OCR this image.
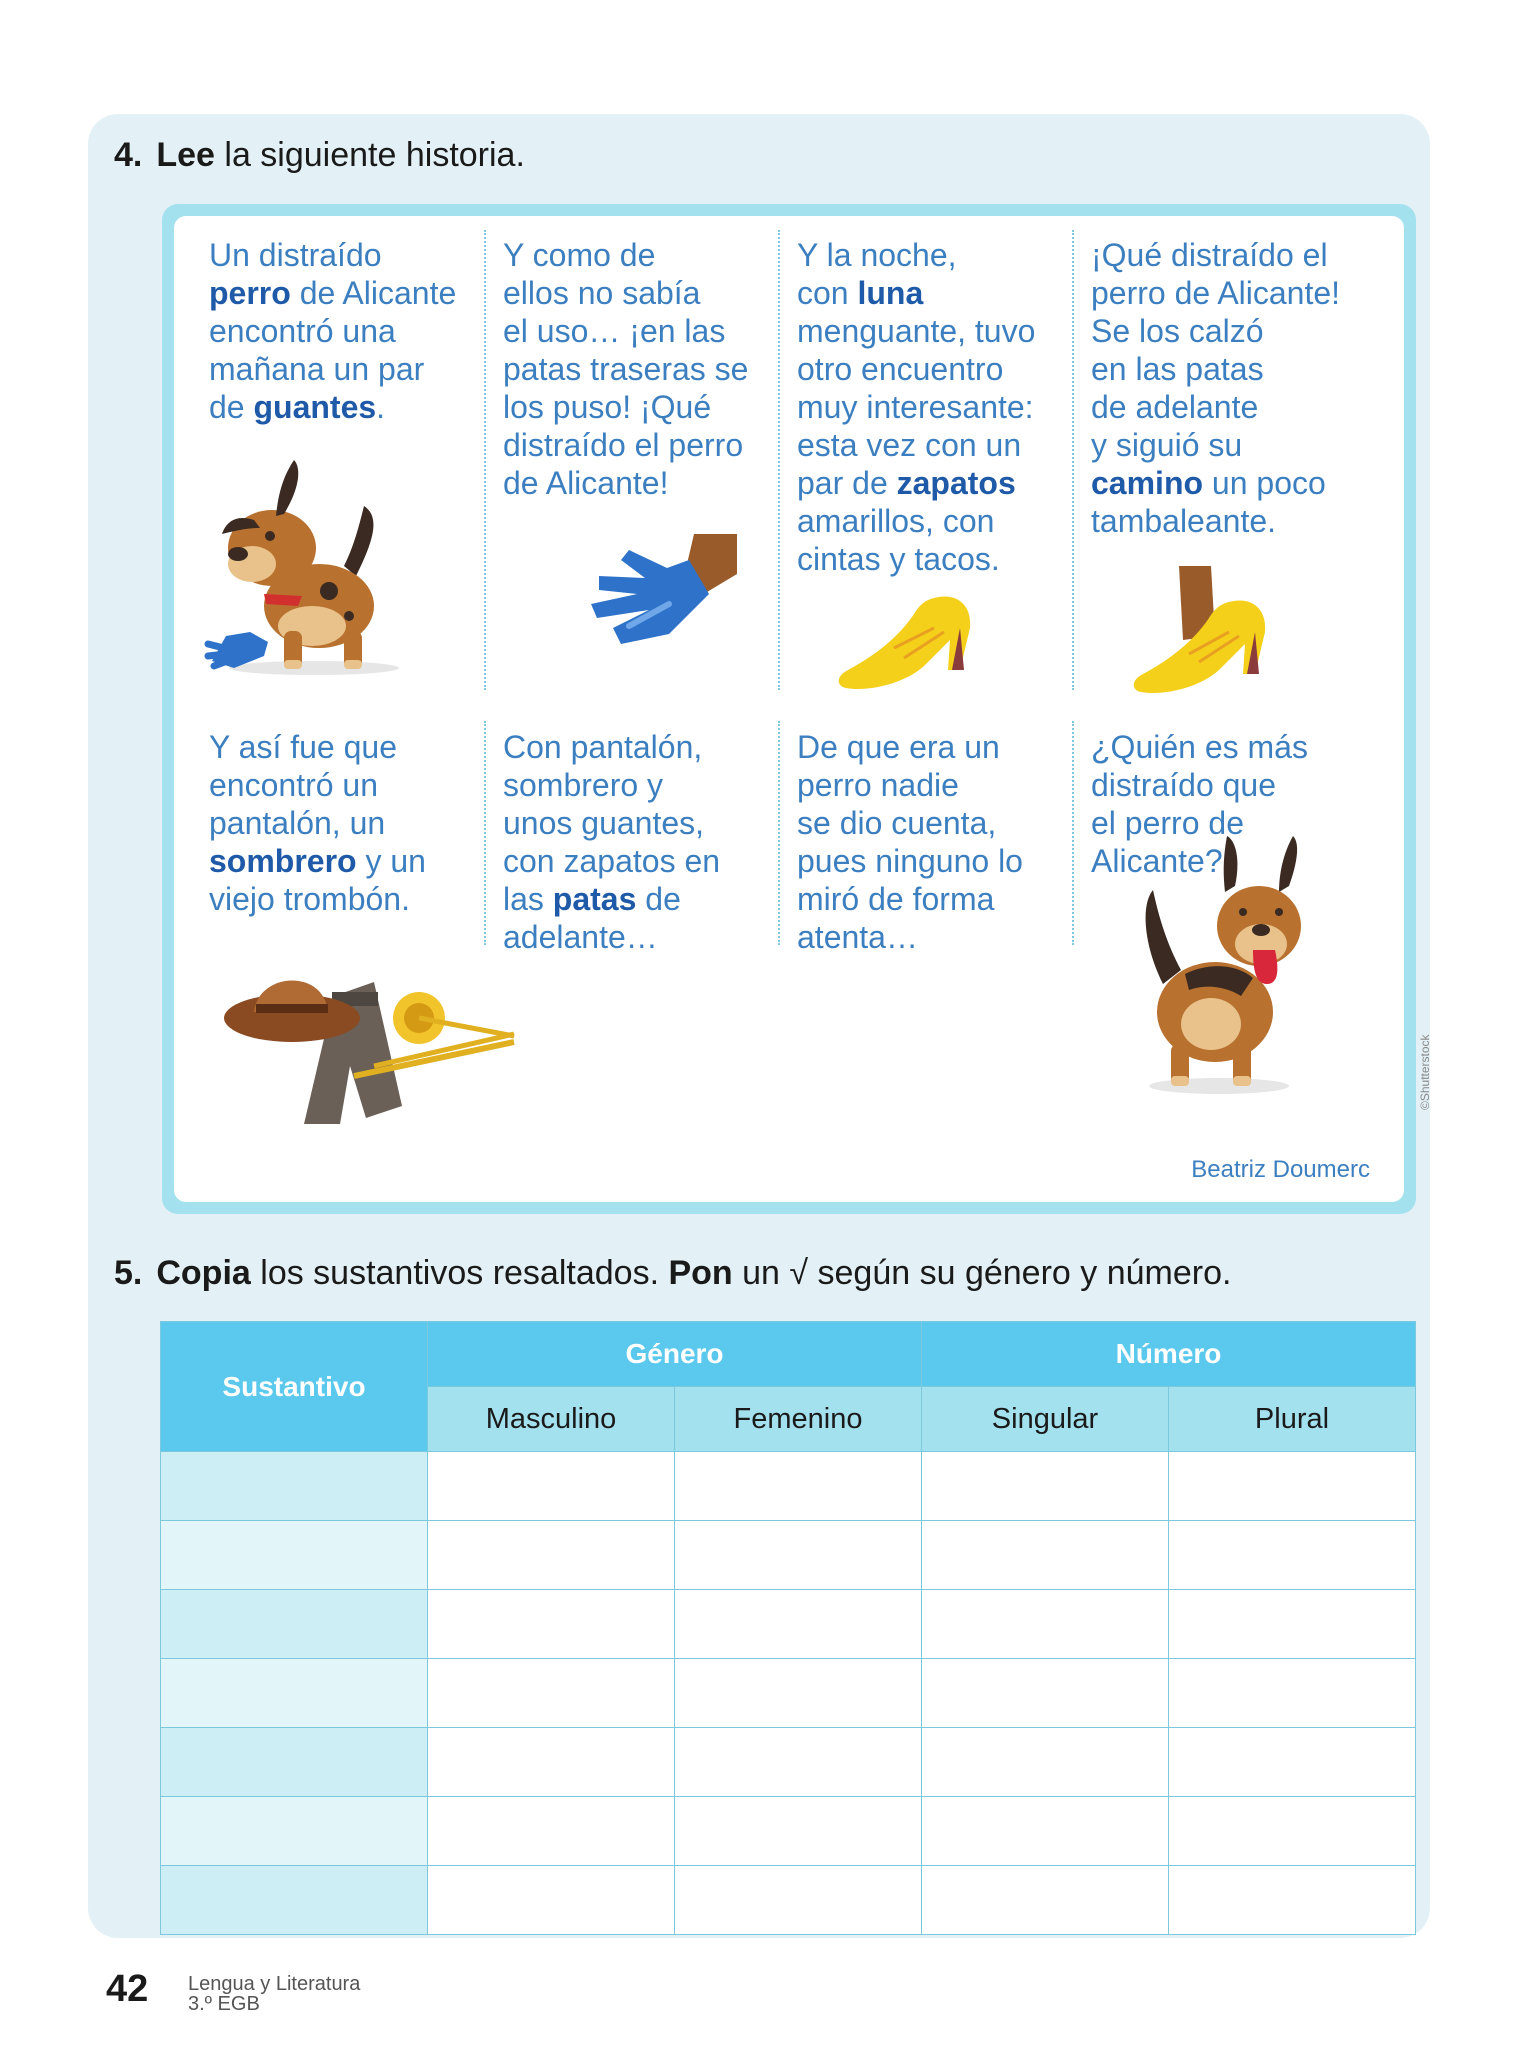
4. Lee la siguiente historia.

Un distraído

perro de Alicante

encontró una

mañana un par

de guantes.

Y como de

ellos no sabía

el uso… ¡en las

patas traseras se

los puso! ¡Qué

distraído el perro

de Alicante!

Y la noche,

con luna

menguante, tuvo

otro encuentro

muy interesante:

esta vez con un

par de zapatos

amarillos, con

cintas y tacos.

¡Qué distraído el

perro de Alicante!

Se los calzó

en las patas

de adelante

y siguió su

camino un poco

tambaleante.

Y así fue que

encontró un

pantalón, un

sombrero y un

viejo trombón.

Con pantalón,

sombrero y

unos guantes,

con zapatos en

las patas de

adelante…

De que era un

perro nadie

se dio cuenta,

pues ninguno lo

miró de forma

atenta…

¿Quién es más

distraído que

el perro de

Alicante?

Beatriz Doumerc
©Shutterstock
5. Copia los sustantivos resaltados. Pon un √ según su género y número.
Sustantivo	Género		Número	
	Masculino	Femenino	Singular	Plural

42 Lengua y Literatura
3.º EGB
